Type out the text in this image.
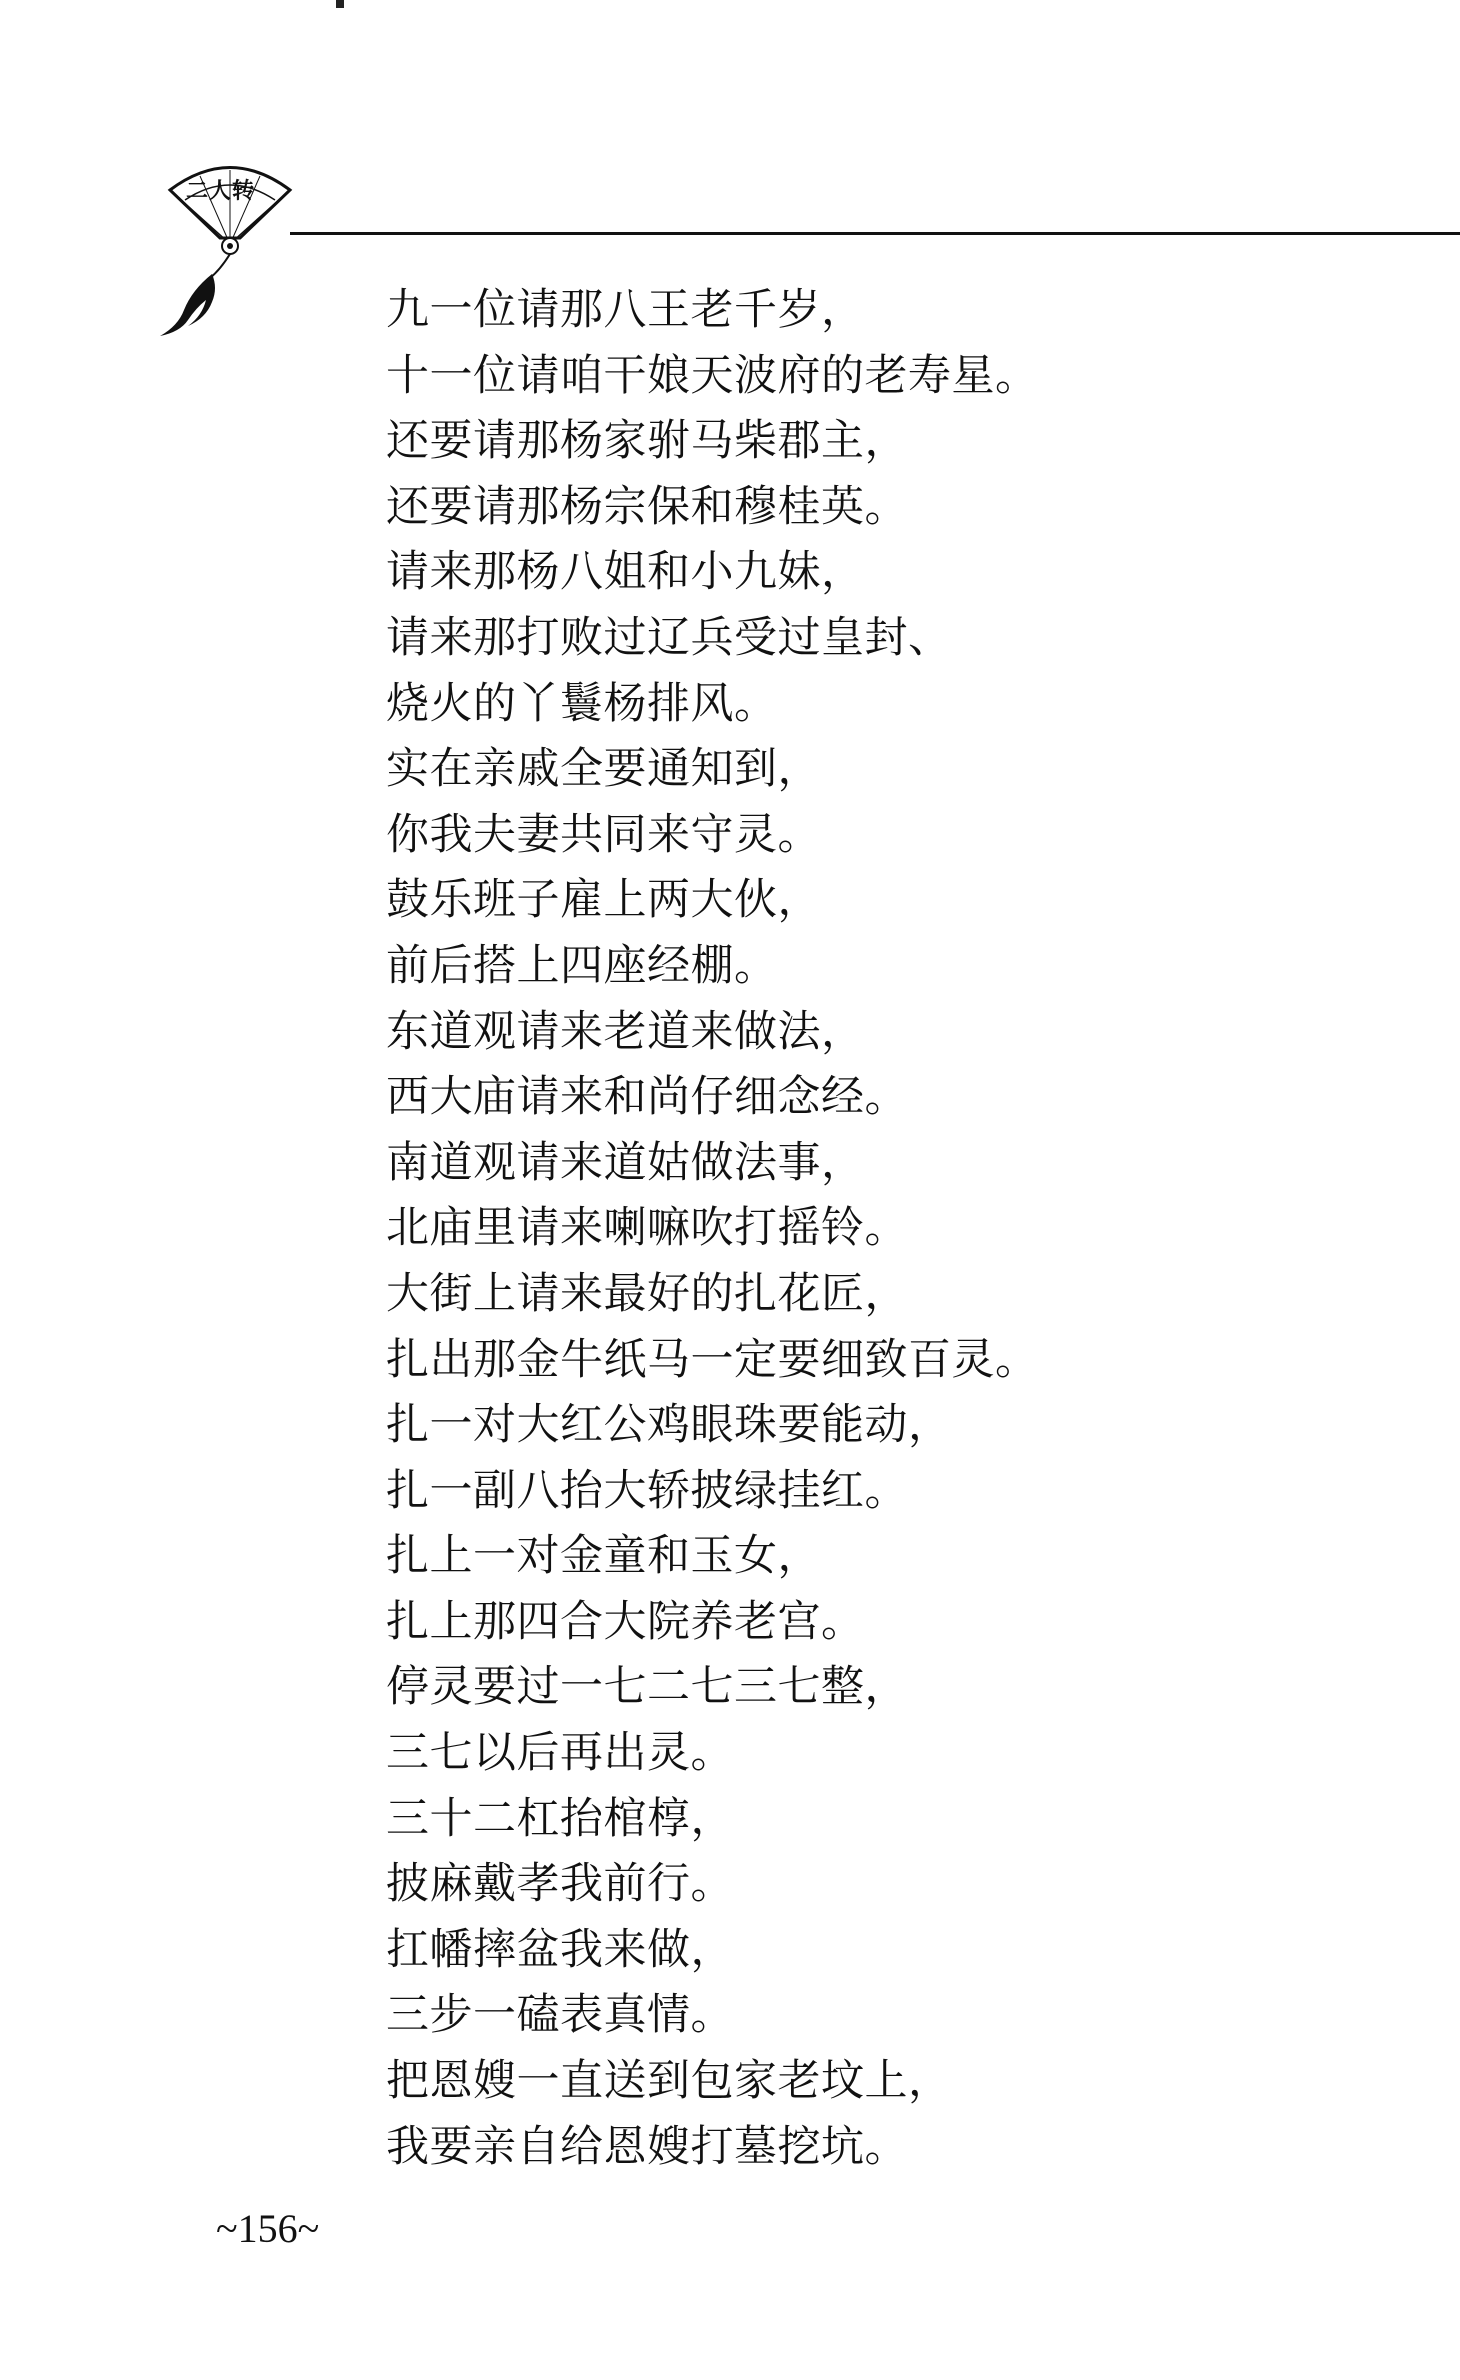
二人转
九一位请那八王老千岁，
十一位请咱干娘天波府的老寿星。
还要请那杨家驸马柴郡主，
还要请那杨宗保和穆桂英。
请来那杨八姐和小九妹，
请来那打败过辽兵受过皇封、
烧火的丫鬟杨排风。
实在亲戚全要通知到，
你我夫妻共同来守灵。
鼓乐班子雇上两大伙，
前后搭上四座经棚。
东道观请来老道来做法，
西大庙请来和尚仔细念经。
南道观请来道姑做法事，
北庙里请来喇嘛吹打摇铃。
大街上请来最好的扎花匠，
扎出那金牛纸马一定要细致百灵。
扎一对大红公鸡眼珠要能动，
扎一副八抬大轿披绿挂红。
扎上一对金童和玉女，
扎上那四合大院养老宫。
停灵要过一七二七三七整，
三七以后再出灵。
三十二杠抬棺椁，
披麻戴孝我前行。
扛幡摔盆我来做，
三步一磕表真情。
把恩嫂一直送到包家老坟上，
我要亲自给恩嫂打墓挖坑。
~156~
